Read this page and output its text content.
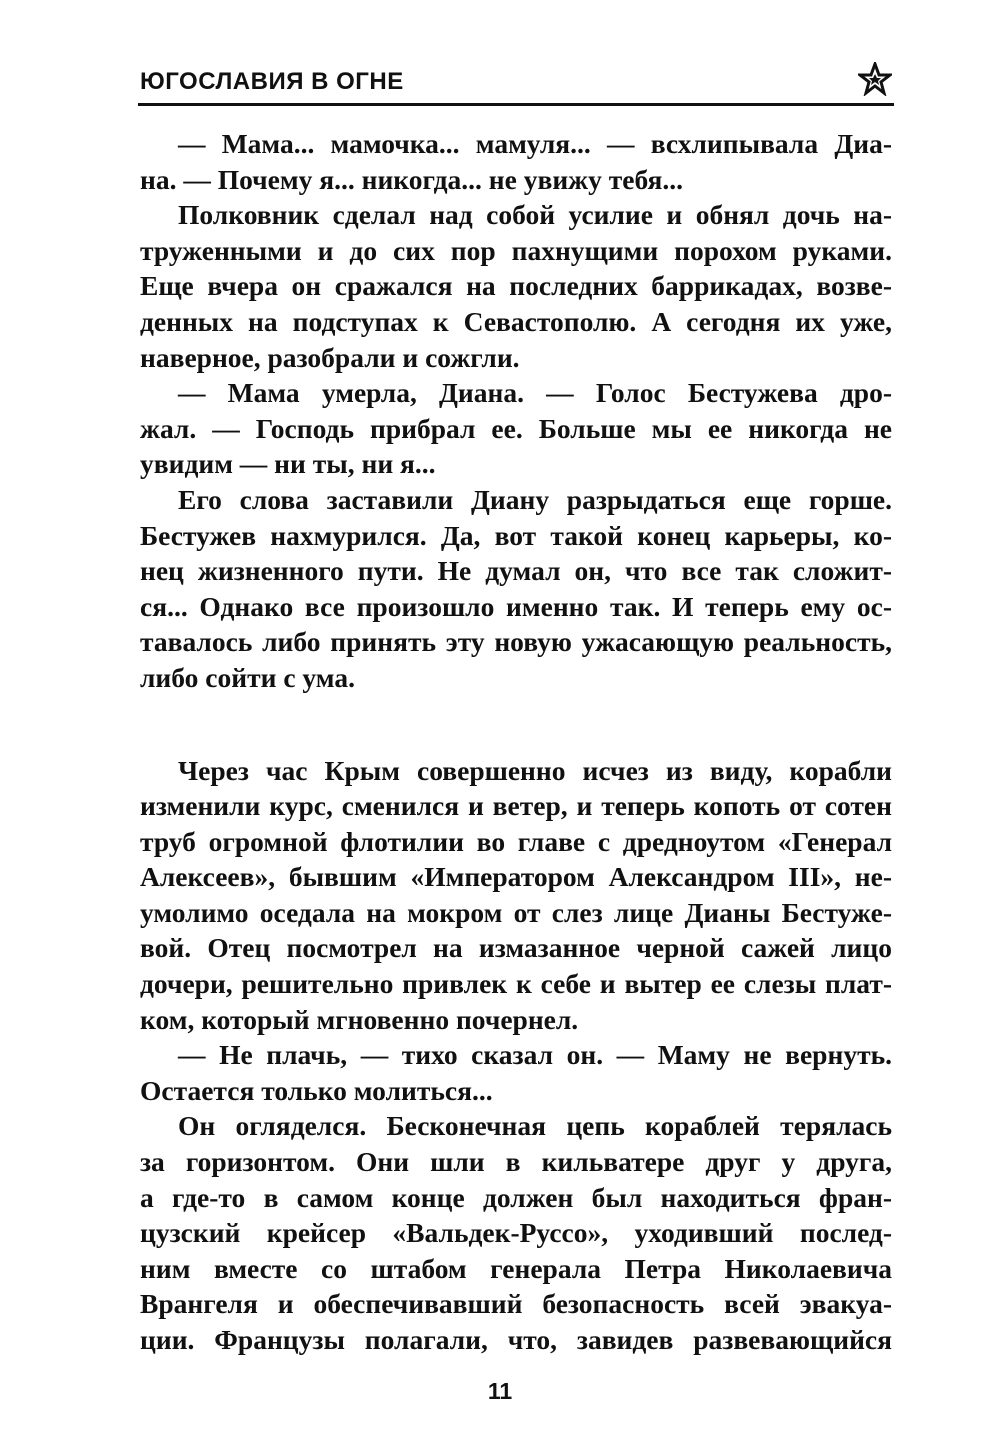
ЮГОСЛАВИЯ В ОГНЕ
— Мама... мамочка... мамуля... — всхлипывала Диа-
на. — Почему я... никогда... не увижу тебя...
Полковник сделал над собой усилие и обнял дочь на-
труженными и до сих пор пахнущими порохом руками.
Еще вчера он сражался на последних баррикадах, возве-
денных на подступах к Севастополю. А сегодня их уже,
наверное, разобрали и сожгли.
— Мама умерла, Диана. — Голос Бестужева дро-
жал. — Господь прибрал ее. Больше мы ее никогда не
увидим — ни ты, ни я...
Его слова заставили Диану разрыдаться еще горше.
Бестужев нахмурился. Да, вот такой конец карьеры, ко-
нец жизненного пути. Не думал он, что все так сложит-
ся... Однако все произошло именно так. И теперь ему ос-
тавалось либо принять эту новую ужасающую реальность,
либо сойти с ума.
Через час Крым совершенно исчез из виду, корабли
изменили курс, сменился и ветер, и теперь копоть от сотен
труб огромной флотилии во главе с дредноутом «Генерал
Алексеев», бывшим «Императором Александром III», не-
умолимо оседала на мокром от слез лице Дианы Бестуже-
вой. Отец посмотрел на измазанное черной сажей лицо
дочери, решительно привлек к себе и вытер ее слезы плат-
ком, который мгновенно почернел.
— Не плачь, — тихо сказал он. — Маму не вернуть.
Остается только молиться...
Он огляделся. Бесконечная цепь кораблей терялась
за горизонтом. Они шли в кильватере друг у друга,
а где-то в самом конце должен был находиться фран-
цузский крейсер «Вальдек-Руссо», уходивший послед-
ним вместе со штабом генерала Петра Николаевича
Врангеля и обеспечивавший безопасность всей эвакуа-
ции. Французы полагали, что, завидев развевающийся
11
